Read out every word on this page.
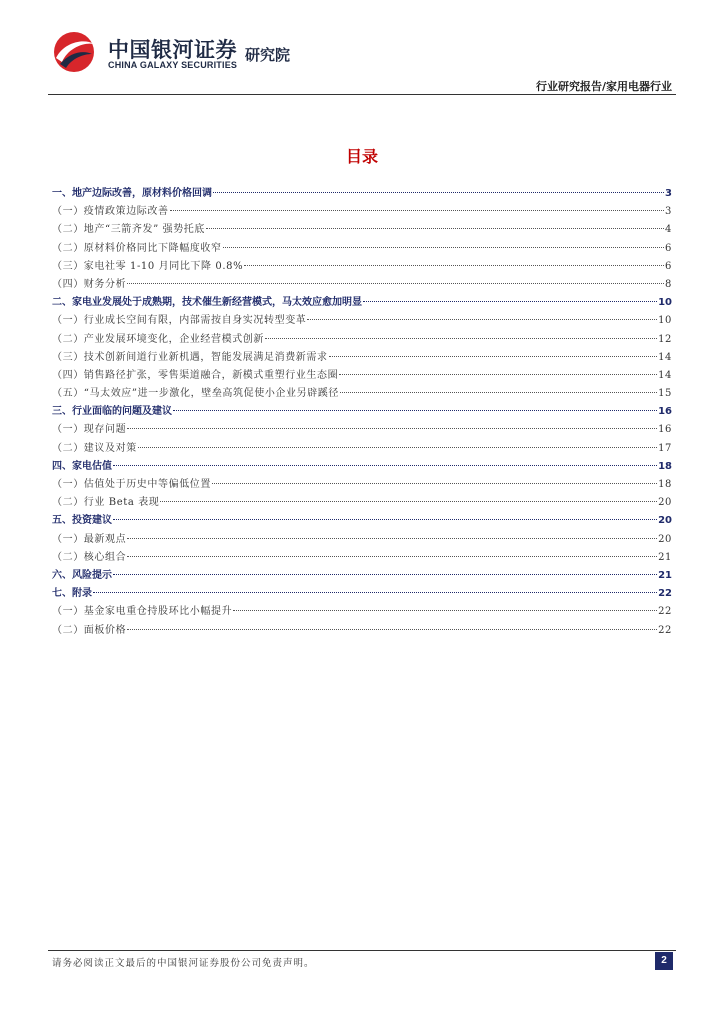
中国银河证券
CHINA GALAXY SECURITIES
研究院
行业研究报告/家用电器行业
目录
一、地产边际改善，原材料价格回调	3
（一）疫情政策边际改善	3
（二）地产“三箭齐发” 强势托底	4
（二）原材料价格同比下降幅度收窄	6
（三）家电社零 1-10 月同比下降 0.8%	6
（四）财务分析	8
二、家电业发展处于成熟期，技术催生新经营模式，马太效应愈加明显	10
（一）行业成长空间有限，内部需按自身实况转型变革	10
（二）产业发展环境变化，企业经营模式创新	12
（三）技术创新间道行业新机遇，智能发展满足消费新需求	14
（四）销售路径扩张，零售渠道融合，新模式重塑行业生态圈	14
（五）“马太效应”进一步激化，壁垒高筑促使小企业另辟蹊径	15
三、行业面临的问题及建议	16
（一）现存问题	16
（二）建议及对策	17
四、家电估值	18
（一）估值处于历史中等偏低位置	18
（二）行业 Beta 表现	20
五、投资建议	20
（一）最新观点	20
（二）核心组合	21
六、风险提示	21
七、附录	22
（一）基金家电重仓持股环比小幅提升	22
（二）面板价格	22
请务必阅读正文最后的中国银河证券股份公司免责声明。	2
